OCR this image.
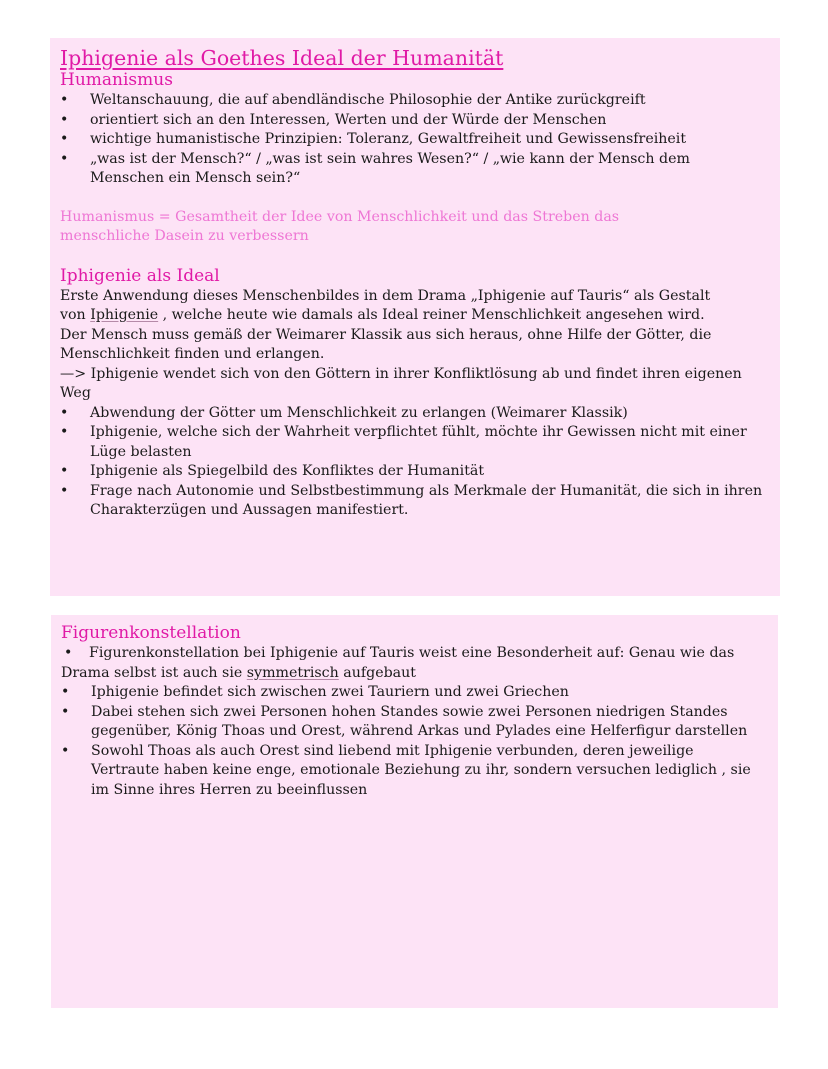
Iphigenie als Goethes Ideal der Humanität
Humanismus
• Weltanschauung, die auf abendländische Philosophie der Antike zurückgreift
• orientiert sich an den Interessen, Werten und der Würde der Menschen
• wichtige humanistische Prinzipien: Toleranz, Gewaltfreiheit und Gewissensfreiheit
• „was ist der Mensch?“ / „was ist sein wahres Wesen?“ / „wie kann der Mensch dem Menschen ein Mensch sein?“

Humanismus = Gesamtheit der Idee von Menschlichkeit und das Streben das menschliche Dasein zu verbessern

Iphigenie als Ideal

Erste Anwendung dieses Menschenbildes in dem Drama „Iphigenie auf Tauris“ als Gestalt von Iphigenie , welche heute wie damals als Ideal reiner Menschlichkeit angesehen wird.

Der Mensch muss gemäß der Weimarer Klassik aus sich heraus, ohne Hilfe der Götter, die Menschlichkeit finden und erlangen.

—> Iphigenie wendet sich von den Göttern in ihrer Konfliktlösung ab und findet ihren eigenen Weg

• Abwendung der Götter um Menschlichkeit zu erlangen (Weimarer Klassik)
• Iphigenie, welche sich der Wahrheit verpflichtet fühlt, möchte ihr Gewissen nicht mit einer Lüge belasten
• Iphigenie als Spiegelbild des Konfliktes der Humanität
• Frage nach Autonomie und Selbstbestimmung als Merkmale der Humanität, die sich in ihren Charakterzügen und Aussagen manifestiert.
Figurenkonstellation

• Figurenkonstellation bei Iphigenie auf Tauris weist eine Besonderheit auf: Genau wie das Drama selbst ist auch sie symmetrisch aufgebaut

• Iphigenie befindet sich zwischen zwei Tauriern und zwei Griechen
• Dabei stehen sich zwei Personen hohen Standes sowie zwei Personen niedrigen Standes gegenüber, König Thoas und Orest, während Arkas und Pylades eine Helferfigur darstellen
• Sowohl Thoas als auch Orest sind liebend mit Iphigenie verbunden, deren jeweilige Vertraute haben keine enge, emotionale Beziehung zu ihr, sondern versuchen lediglich , sie im Sinne ihres Herren zu beeinflussen
